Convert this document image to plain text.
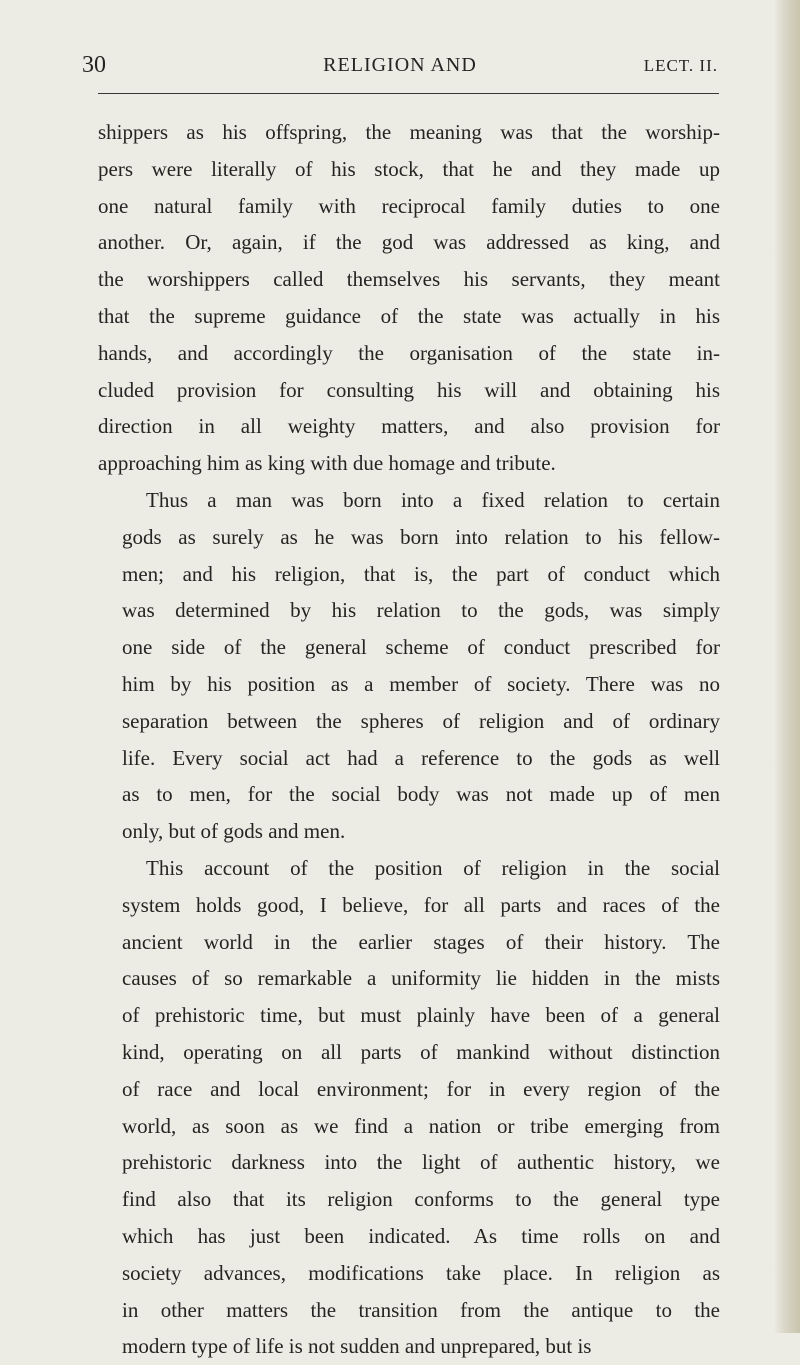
30	RELIGION AND	LECT. II.

shippers as his offspring, the meaning was that the worship-
pers were literally of his stock, that he and they made up
one natural family with reciprocal family duties to one
another. Or, again, if the god was addressed as king, and
the worshippers called themselves his servants, they meant
that the supreme guidance of the state was actually in his
hands, and accordingly the organisation of the state in-
cluded provision for consulting his will and obtaining his
direction in all weighty matters, and also provision for
approaching him as king with due homage and tribute.

Thus a man was born into a fixed relation to certain
gods as surely as he was born into relation to his fellow-
men; and his religion, that is, the part of conduct which
was determined by his relation to the gods, was simply
one side of the general scheme of conduct prescribed for
him by his position as a member of society. There was no
separation between the spheres of religion and of ordinary
life. Every social act had a reference to the gods as well
as to men, for the social body was not made up of men
only, but of gods and men.

This account of the position of religion in the social
system holds good, I believe, for all parts and races of the
ancient world in the earlier stages of their history. The
causes of so remarkable a uniformity lie hidden in the mists
of prehistoric time, but must plainly have been of a general
kind, operating on all parts of mankind without distinction
of race and local environment; for in every region of the
world, as soon as we find a nation or tribe emerging from
prehistoric darkness into the light of authentic history, we
find also that its religion conforms to the general type
which has just been indicated. As time rolls on and
society advances, modifications take place. In religion as
in other matters the transition from the antique to the
modern type of life is not sudden and unprepared, but is
